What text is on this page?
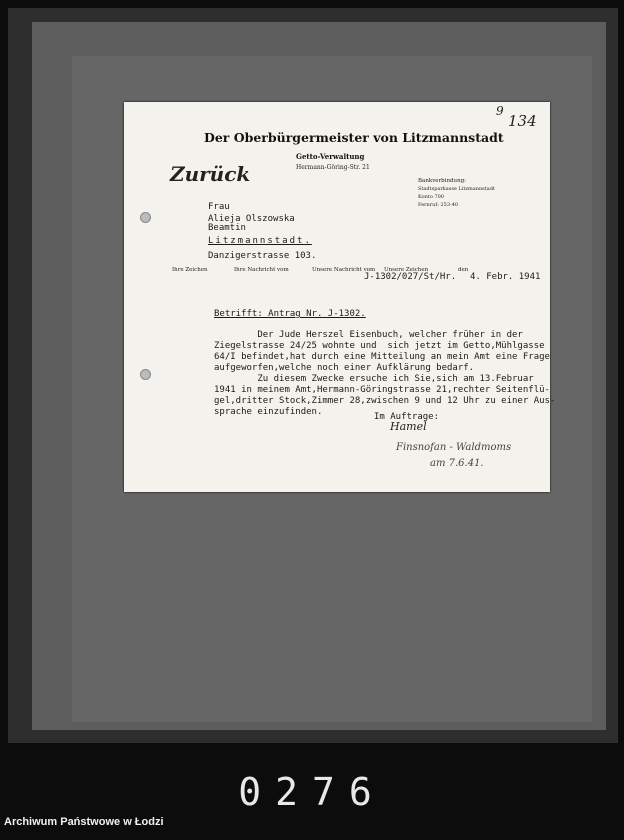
9
134
Der Oberbürgermeister von Litzmannstadt
Getto-Verwaltung
Hermann-Göring-Str. 21
Bankverbindung:
Stadtsparkasse Litzmannstadt
Konto 700
Fernruf: 253-40
Zurück
Frau
Alieja Olszowska
Beamtin
Litzmannstadt.
Danzigerstrasse 103.
Ihre Zeichen	Ihre Nachricht vom	Unsere Nachricht vom Unsere Zeichen	den
J-1302/027/St/Hr. 4. Febr. 1941
Betrifft: Antrag Nr. J-1302.
Der Jude Herszel Eisenbuch, welcher früher in der
Ziegelstrasse 24/25 wohnte und  sich jetzt im Getto,Mühlgasse
64/I befindet,hat durch eine Mitteilung an mein Amt eine Frage
aufgeworfen,welche noch einer Aufklärung bedarf.
Zu diesem Zwecke ersuche ich Sie,sich am 13.Februar
1941 in meinem Amt,Hermann-Göringstrasse 21,rechter Seitenflü-
gel,dritter Stock,Zimmer 28,zwischen 9 und 12 Uhr zu einer Aus-
sprache einzufinden.	Im Auftrage:
Hamel
Finsnofan - Waldmoms
am 7.6.41.
0276
Archiwum Państwowe w Łodzi
